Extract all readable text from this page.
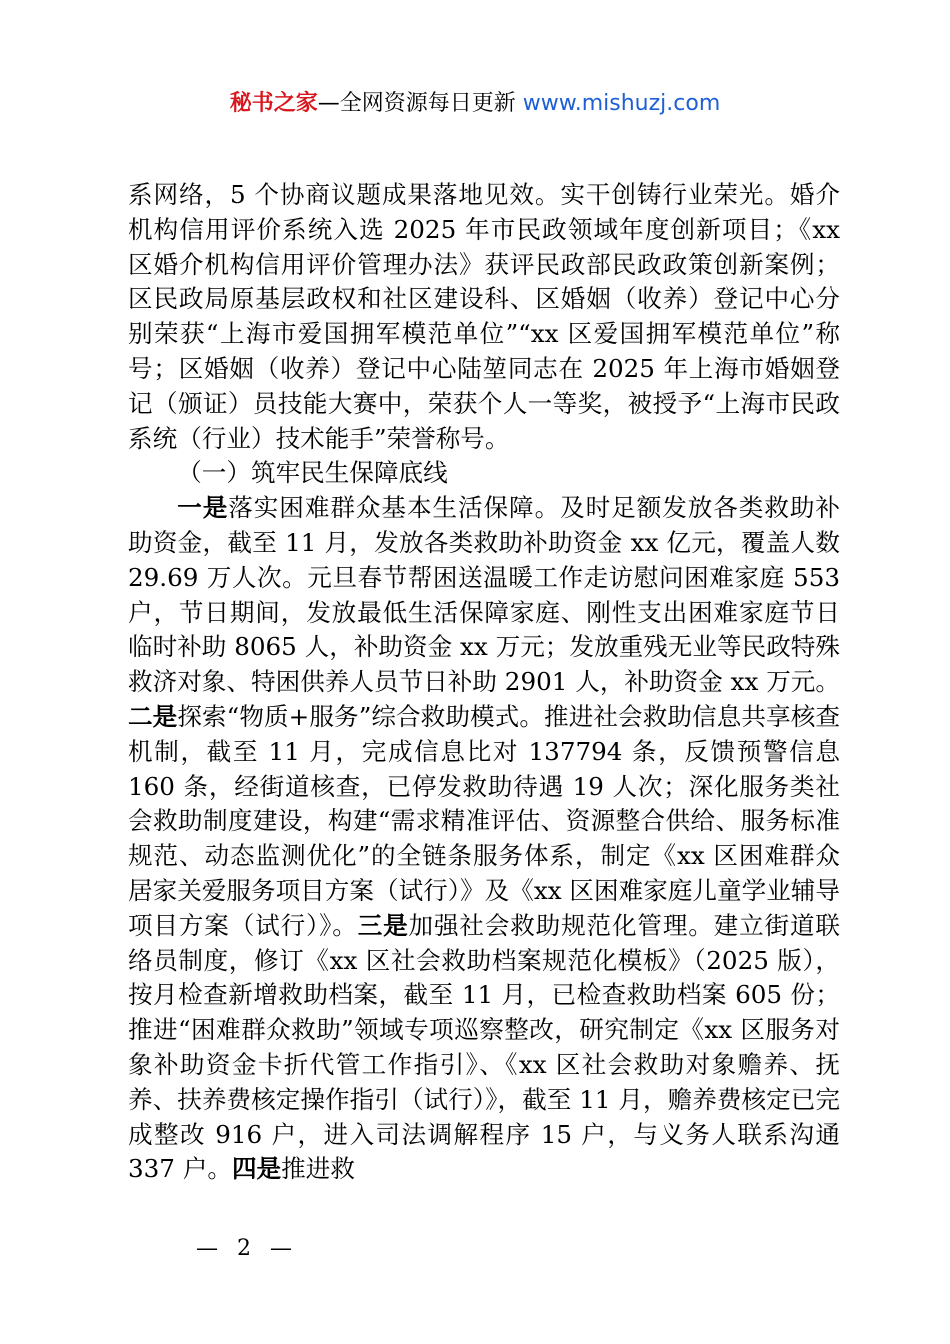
秘书之家—全网资源每日更新 www.mishuzj.com

系网络，5 个协商议题成果落地见效。实干创铸行业荣光。婚介机构信用评价系统入选 2025 年市民政领域年度创新项目；《xx 区婚介机构信用评价管理办法》获评民政部民政政策创新案例；区民政局原基层政权和社区建设科、区婚姻（收养）登记中心分别荣获“上海市爱国拥军模范单位”“xx 区爱国拥军模范单位”称号；区婚姻（收养）登记中心陆堃同志在 2025 年上海市婚姻登记（颁证）员技能大赛中，荣获个人一等奖，被授予“上海市民政系统（行业）技术能手”荣誉称号。

（一）筑牢民生保障底线

一是落实困难群众基本生活保障。及时足额发放各类救助补助资金，截至 11 月，发放各类救助补助资金 xx 亿元，覆盖人数 29.69 万人次。元旦春节帮困送温暖工作走访慰问困难家庭 553 户，节日期间，发放最低生活保障家庭、刚性支出困难家庭节日临时补助 8065 人，补助资金 xx 万元；发放重残无业等民政特殊救济对象、特困供养人员节日补助 2901 人，补助资金 xx 万元。二是探索“物质+服务”综合救助模式。推进社会救助信息共享核查机制，截至 11 月，完成信息比对 137794 条，反馈预警信息 160 条，经街道核查，已停发救助待遇 19 人次；深化服务类社会救助制度建设，构建“需求精准评估、资源整合供给、服务标准规范、动态监测优化”的全链条服务体系，制定《xx 区困难群众居家关爱服务项目方案（试行）》及《xx 区困难家庭儿童学业辅导项目方案（试行）》。三是加强社会救助规范化管理。建立街道联络员制度，修订《xx 区社会救助档案规范化模板》（2025 版），按月检查新增救助档案，截至 11 月，已检查救助档案 605 份；推进“困难群众救助”领域专项巡察整改，研究制定《xx 区服务对象补助资金卡折代管工作指引》、《xx 区社会救助对象赡养、抚养、扶养费核定操作指引（试行）》，截至 11 月，赡养费核定已完成整改 916 户，进入司法调解程序 15 户，与义务人联系沟通 337 户。四是推进救

— 2 —
